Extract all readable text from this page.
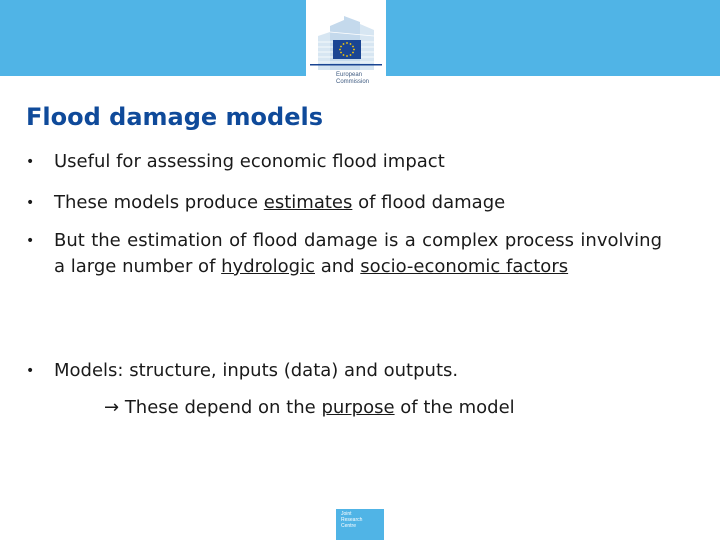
European
Commission
Flood damage models
• Useful for assessing economic flood impact
• These models produce estimates of flood damage
• But the estimation of flood damage is a complex process involving a large number of hydrologic and socio-economic factors
• Models: structure, inputs (data) and outputs.
→ These depend on the purpose of the model
Joint
Research
Centre
